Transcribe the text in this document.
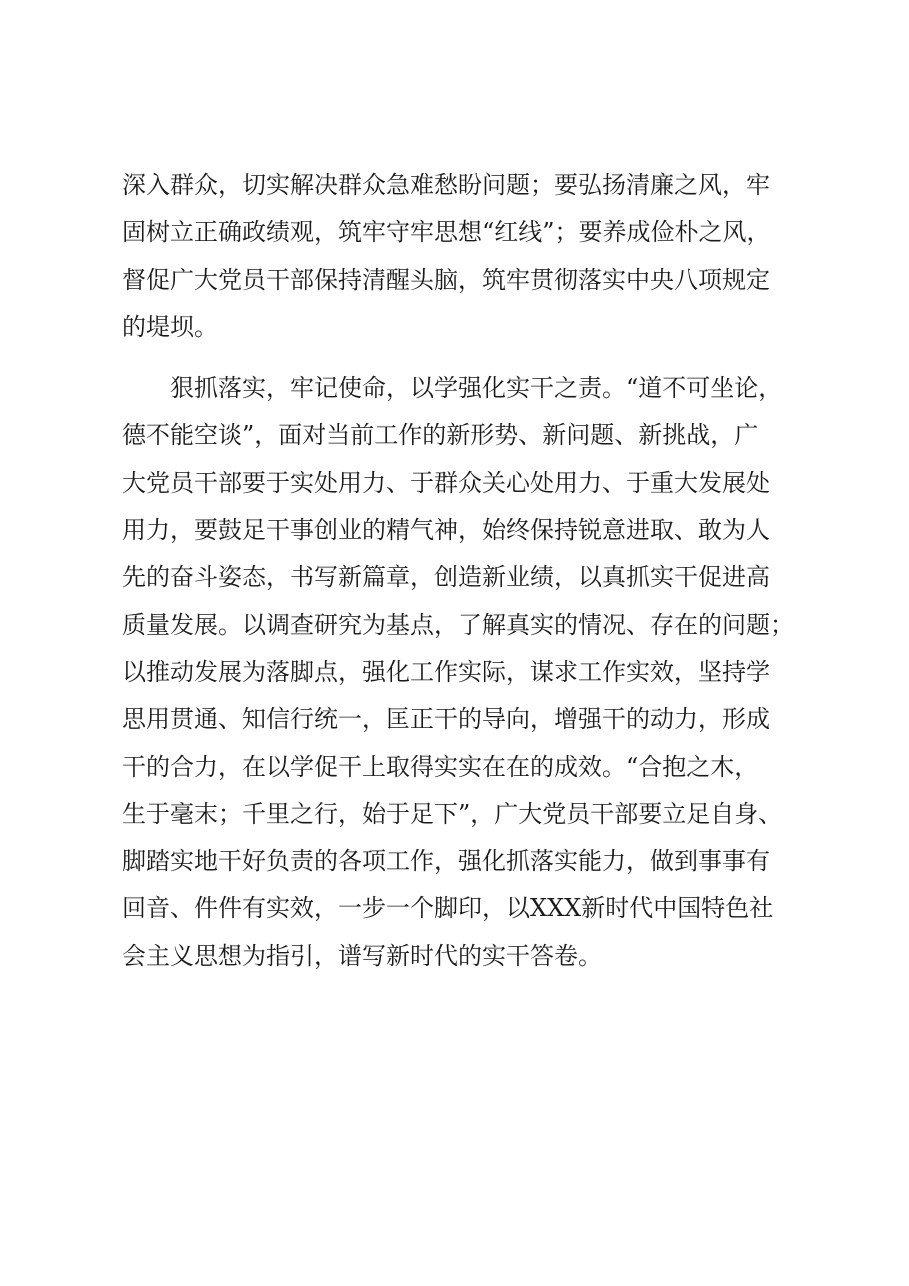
深入群众，切实解决群众急难愁盼问题；要弘扬清廉之风，牢
固树立正确政绩观，筑牢守牢思想“红线”；要养成俭朴之风，
督促广大党员干部保持清醒头脑，筑牢贯彻落实中央八项规定
的堤坝。
　　狠抓落实，牢记使命，以学强化实干之责。“道不可坐论，
德不能空谈”，面对当前工作的新形势、新问题、新挑战，广
大党员干部要于实处用力、于群众关心处用力、于重大发展处
用力，要鼓足干事创业的精气神，始终保持锐意进取、敢为人
先的奋斗姿态，书写新篇章，创造新业绩，以真抓实干促进高
质量发展。以调查研究为基点，了解真实的情况、存在的问题；
以推动发展为落脚点，强化工作实际，谋求工作实效，坚持学
思用贯通、知信行统一，匡正干的导向，增强干的动力，形成
干的合力，在以学促干上取得实实在在的成效。“合抱之木，
生于毫末；千里之行，始于足下”，广大党员干部要立足自身、
脚踏实地干好负责的各项工作，强化抓落实能力，做到事事有
回音、件件有实效，一步一个脚印，以XXX新时代中国特色社
会主义思想为指引，谱写新时代的实干答卷。
